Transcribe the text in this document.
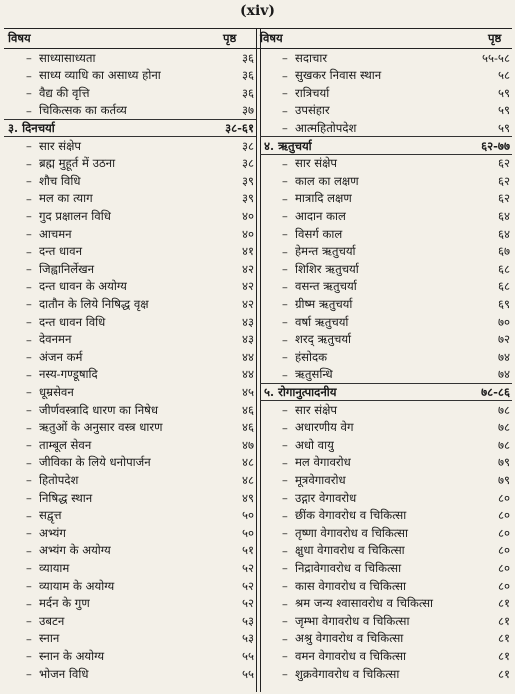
(xiv)
विषय	पृष्ठ विषय	पृष्ठ
– साध्यासाध्यता	३६
– साध्य व्याधि का असाध्य होना	३६
– वैद्य की वृत्ति	३६
– चिकित्सक का कर्तव्य	३७
३. दिनचर्या	३८-६१
– सार संक्षेप	३८
– ब्रह्म मुहूर्त में उठना	३८
– शौच विधि	३९
– मल का त्याग	३९
– गुद प्रक्षालन विधि	४०
– आचमन	४०
– दन्त धावन	४१
– जिह्वानिर्लेखन	४२
– दन्त धावन के अयोग्य	४२
– दातौन के लिये निषिद्ध वृक्ष	४२
– दन्त धावन विधि	४३
– देवनमन	४३
– अंजन कर्म	४४
– नस्य-गण्डूषादि	४४
– धूम्रसेवन	४५
– जीर्णवस्त्रादि धारण का निषेध	४६
– ऋतुओं के अनुसार वस्त्र धारण	४६
– ताम्बूल सेवन	४७
– जीविका के लिये धनोपार्जन	४८
– हितोपदेश	४८
– निषिद्ध स्थान	४९
– सद्वृत्त	५०
– अभ्यंग	५०
– अभ्यंग के अयोग्य	५१
– व्यायाम	५२
– व्यायाम के अयोग्य	५२
– मर्दन के गुण	५२
– उबटन	५३
– स्नान	५३
– स्नान के अयोग्य	५५
– भोजन विधि	५५
– सदाचार	५५-५८
– सुखकर निवास स्थान	५८
– रात्रिचर्या	५९
– उपसंहार	५९
– आत्महितोपदेश	५९
४. ऋतुचर्या	६२-७७
– सार संक्षेप	६२
– काल का लक्षण	६२
– मात्रादि लक्षण	६२
– आदान काल	६४
– विसर्ग काल	६४
– हेमन्त ऋतुचर्या	६७
– शिशिर ऋतुचर्या	६८
– वसन्त ऋतुचर्या	६८
– ग्रीष्म ऋतुचर्या	६९
– वर्षा ऋतुचर्या	७०
– शरद् ऋतुचर्या	७२
– हंसोदक	७४
– ऋतुसन्धि	७४
५. रोगानुत्पादनीय	७८-८६
– सार संक्षेप	७८
– अधारणीय वेग	७८
– अधो वायु	७८
– मल वेगावरोध	७९
– मूत्रवेगावरोध	७९
– उद्गार वेगावरोध	८०
– छींक वेगावरोध व चिकित्सा	८०
– तृष्णा वेगावरोध व चिकित्सा	८०
– क्षुधा वेगावरोध व चिकित्सा	८०
– निद्रावेगावरोध व चिकित्सा	८०
– कास वेगावरोध व चिकित्सा	८०
– श्रम जन्य श्वासावरोध व चिकित्सा	८१
– जृम्भा वेगावरोध व चिकित्सा	८१
– अश्रु वेगावरोध व चिकित्सा	८१
– वमन वेगावरोध व चिकित्सा	८१
– शुक्रवेगावरोध व चिकित्सा	८१
